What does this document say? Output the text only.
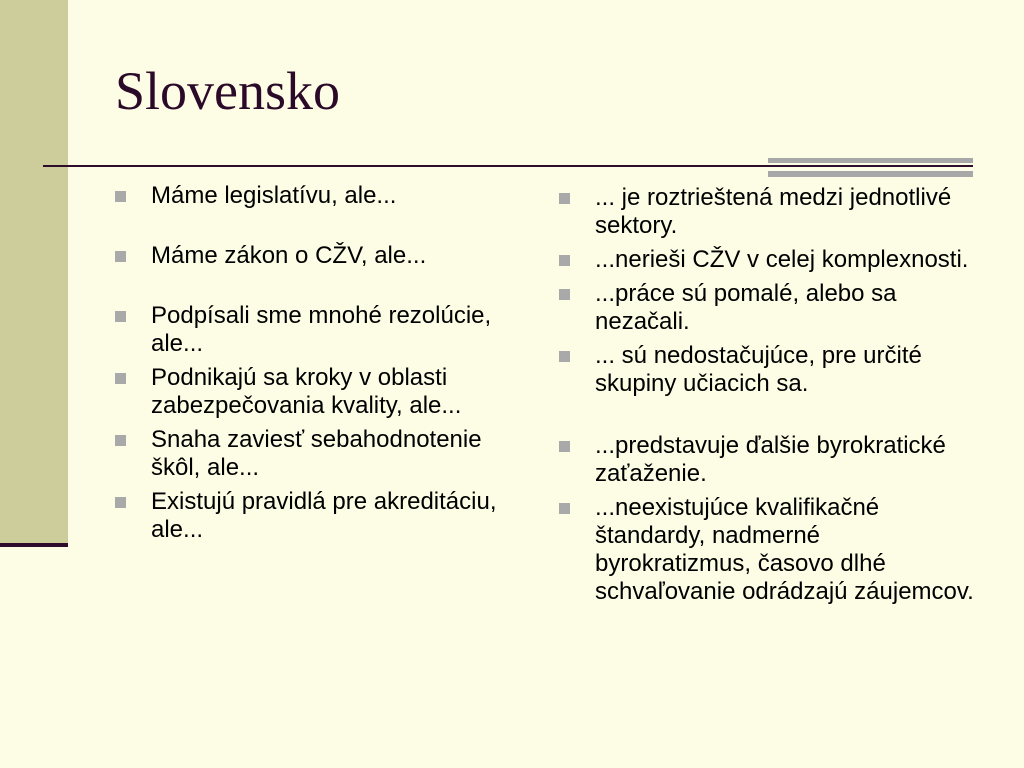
Slovensko
Máme legislatívu, ale...
Máme zákon o CŽV, ale...
Podpísali sme mnohé rezolúcie, ale...
Podnikajú sa kroky v oblasti zabezpečovania kvality, ale...
Snaha zaviesť sebahodnotenie škôl, ale...
Existujú pravidlá pre akreditáciu, ale...
... je roztrieštená medzi jednotlivé sektory.
...nerieši CŽV v celej komplexnosti.
...práce sú pomalé, alebo sa nezačali.
... sú nedostačujúce, pre určité skupiny učiacich sa.
...predstavuje ďalšie byrokratické zaťaženie.
...neexistujúce kvalifikačné štandardy, nadmerné byrokratizmus, časovo dlhé schvaľovanie odrádzajú záujemcov.
